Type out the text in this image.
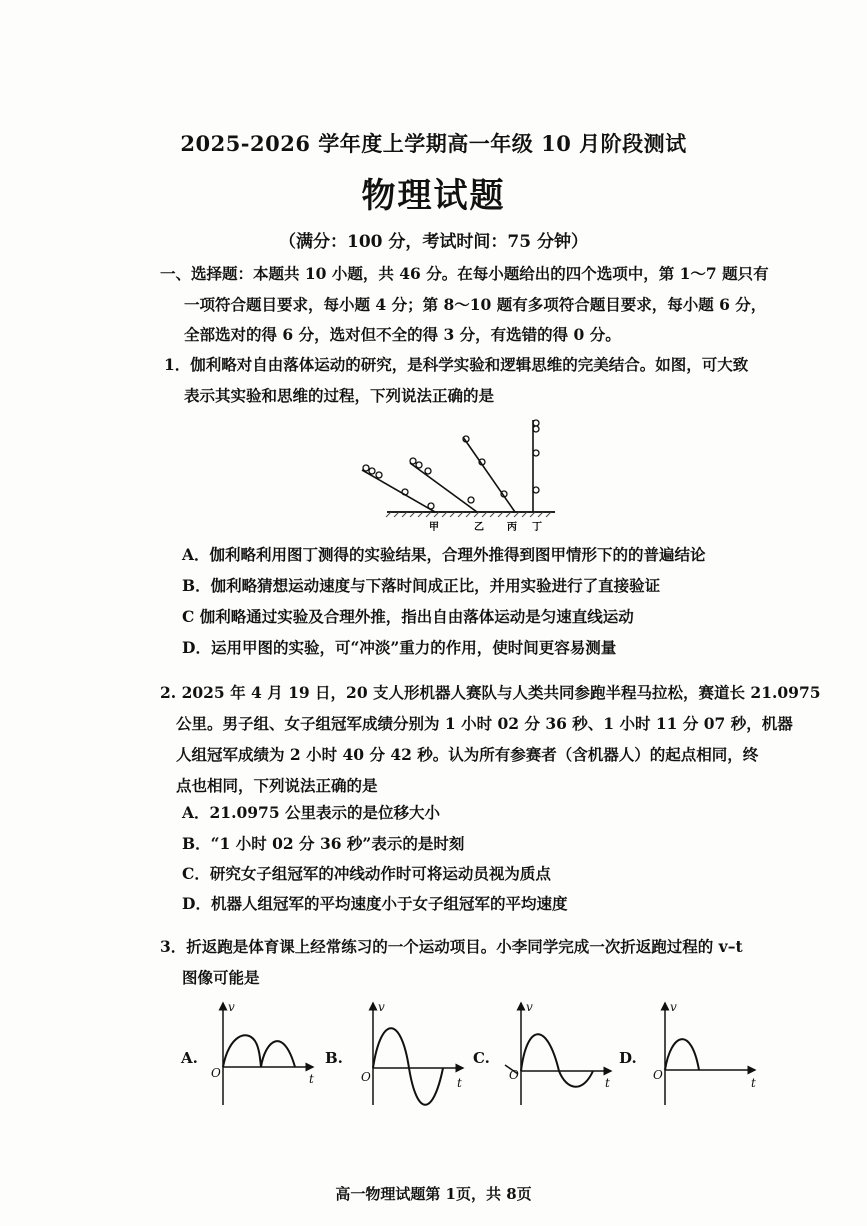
2025-2026 学年度上学期高一年级 10 月阶段测试
物理试题
（满分：100 分，考试时间：75 分钟）
一、选择题：本题共 10 小题，共 46 分。在每小题给出的四个选项中，第 1～7 题只有
一项符合题目要求，每小题 4 分；第 8～10 题有多项符合题目要求，每小题 6 分，
全部选对的得 6 分，选对但不全的得 3 分，有选错的得 0 分。
1．伽利略对自由落体运动的研究，是科学实验和逻辑思维的完美结合。如图，可大致
表示其实验和思维的过程，下列说法正确的是
甲	乙 丙 丁
A．伽利略利用图丁测得的实验结果，合理外推得到图甲情形下的的普遍结论
B．伽利略猜想运动速度与下落时间成正比，并用实验进行了直接验证
C 伽利略通过实验及合理外推，指出自由落体运动是匀速直线运动
D．运用甲图的实验，可“冲淡”重力的作用，使时间更容易测量
2. 2025 年 4 月 19 日，20 支人形机器人赛队与人类共同参跑半程马拉松，赛道长 21.0975
公里。男子组、女子组冠军成绩分别为 1 小时 02 分 36 秒、1 小时 11 分 07 秒，机器
人组冠军成绩为 2 小时 40 分 42 秒。认为所有参赛者（含机器人）的起点相同，终
点也相同，下列说法正确的是
A．21.0975 公里表示的是位移大小
B．“1 小时 02 分 36 秒”表示的是时刻
C．研究女子组冠军的冲线动作时可将运动员视为质点
D．机器人组冠军的平均速度小于女子组冠军的平均速度
3．折返跑是体育课上经常练习的一个运动项目。小李同学完成一次折返跑过程的 v–t
图像可能是
A.	B.	C.	D.
v
t
O
v
t
O
v
t
O
v
t
O
高一物理试题第 1页，共 8页
